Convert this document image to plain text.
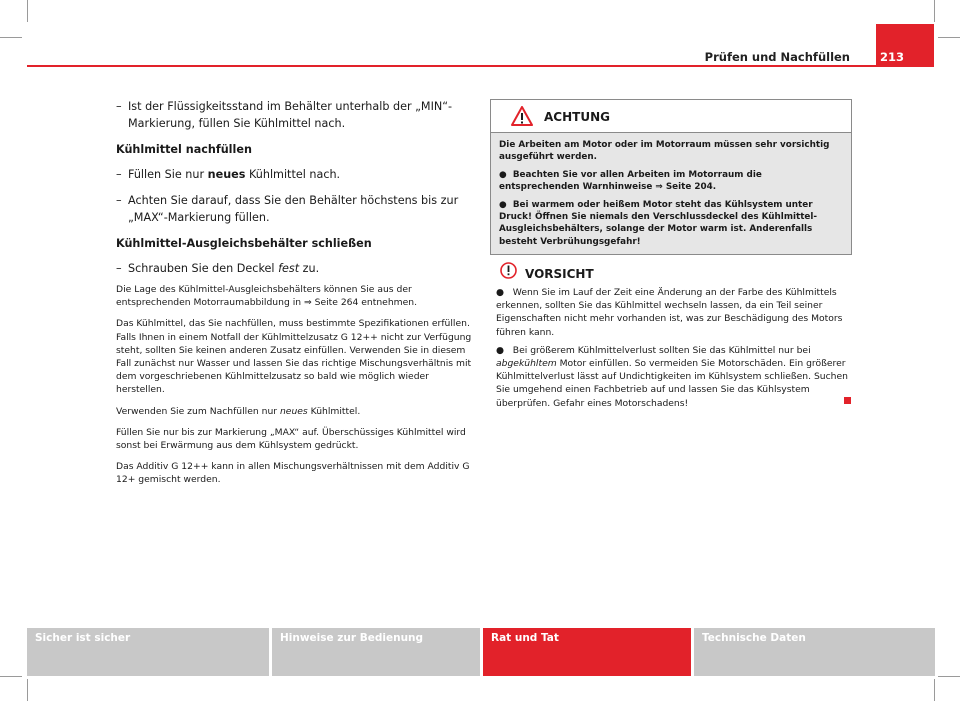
Prüfen und Nachfüllen	213
– Ist der Flüssigkeitsstand im Behälter unterhalb der „MIN“-Markierung, füllen Sie Kühlmittel nach.
Kühlmittel nachfüllen
– Füllen Sie nur neues Kühlmittel nach.
– Achten Sie darauf, dass Sie den Behälter höchstens bis zur „MAX“-Markierung füllen.
Kühlmittel-Ausgleichsbehälter schließen
– Schrauben Sie den Deckel fest zu.

Die Lage des Kühlmittel-Ausgleichsbehälters können Sie aus der entsprechenden Motorraumabbildung in ⇒ Seite 264 entnehmen.

Das Kühlmittel, das Sie nachfüllen, muss bestimmte Spezifikationen erfüllen. Falls Ihnen in einem Notfall der Kühlmittelzusatz G 12++ nicht zur Verfügung steht, sollten Sie keinen anderen Zusatz einfüllen. Verwenden Sie in diesem Fall zunächst nur Wasser und lassen Sie das richtige Mischungsverhältnis mit dem vorgeschriebenen Kühlmittelzusatz so bald wie möglich wieder herstellen.

Verwenden Sie zum Nachfüllen nur neues Kühlmittel.

Füllen Sie nur bis zur Markierung „MAX“ auf. Überschüssiges Kühlmittel wird sonst bei Erwärmung aus dem Kühlsystem gedrückt.

Das Additiv G 12++ kann in allen Mischungsverhältnissen mit dem Additiv G 12+ gemischt werden.

ACHTUNG

Die Arbeiten am Motor oder im Motorraum müssen sehr vorsichtig ausgeführt werden.

●  Beachten Sie vor allen Arbeiten im Motorraum die entsprechenden Warnhinweise ⇒ Seite 204.

●  Bei warmem oder heißem Motor steht das Kühlsystem unter Druck! Öffnen Sie niemals den Verschlussdeckel des Kühlmittel-Ausgleichsbehälters, solange der Motor warm ist. Anderenfalls besteht Verbrühungsgefahr!

VORSICHT

●   Wenn Sie im Lauf der Zeit eine Änderung an der Farbe des Kühlmittels erkennen, sollten Sie das Kühlmittel wechseln lassen, da ein Teil seiner Eigenschaften nicht mehr vorhanden ist, was zur Beschädigung des Motors führen kann.

●   Bei größerem Kühlmittelverlust sollten Sie das Kühlmittel nur bei abgekühltem Motor einfüllen. So vermeiden Sie Motorschäden. Ein größerer Kühlmittelverlust lässt auf Undichtigkeiten im Kühlsystem schließen. Suchen Sie umgehend einen Fachbetrieb auf und lassen Sie das Kühlsystem überprüfen. Gefahr eines Motorschadens!

Sicher ist sicher	Hinweise zur Bedienung	Rat und Tat	Technische Daten
